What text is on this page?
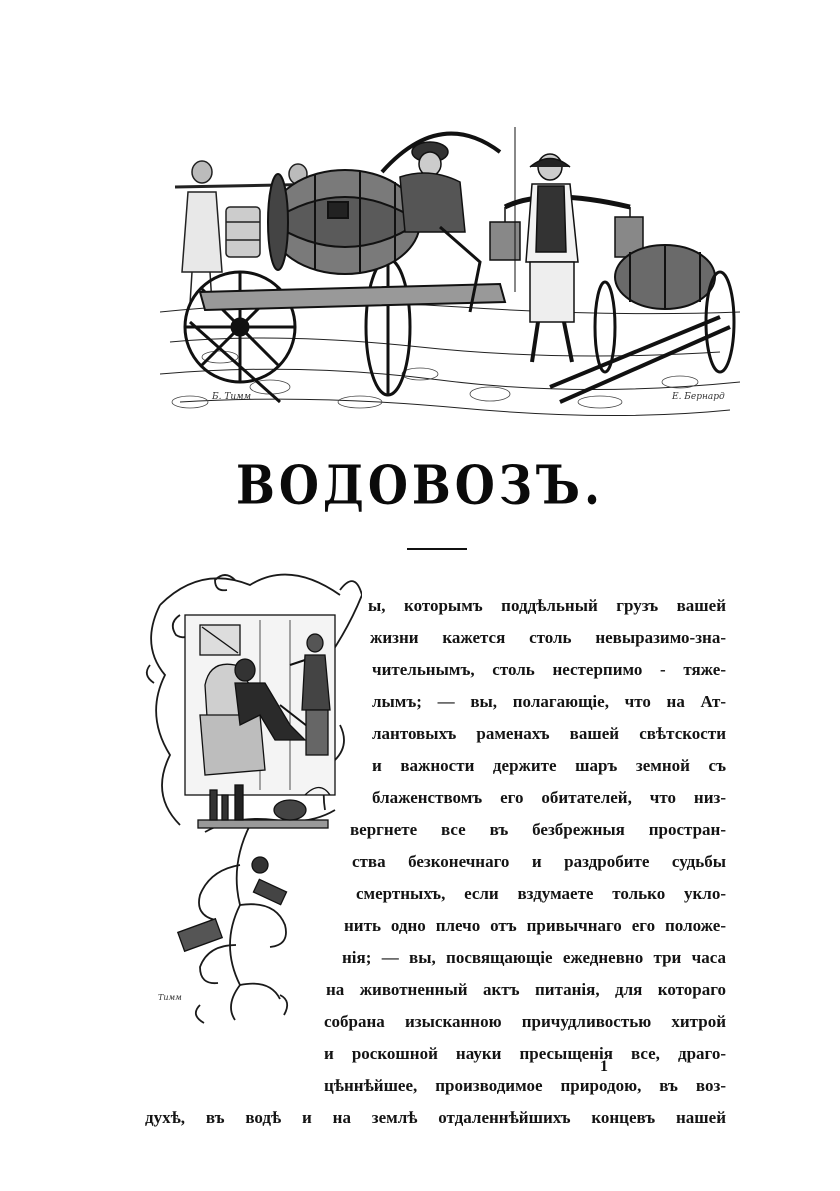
Б. Тимм	Е. Бернард
ВОДОВОЗЪ.
Тимм
ы, которымъ поддѣльный грузъ вашей
жизни кажется столь невыразимо-зна-
чительнымъ, столь нестерпимо - тяже-
лымъ; — вы, полагающіе, что на Ат-
лантовыхъ раменахъ вашей свѣтскости
и важности держите шаръ земной съ
блаженствомъ его обитателей, что низ-
вергнете все въ безбрежныя простран-
ства безконечнаго и раздробите судьбы
смертныхъ, если вздумаете только укло-
нить одно плечо отъ привычнаго его положе-
нія; — вы, посвящающіе ежедневно три часа
на животненный актъ питанія, для котораго
собрана изысканною причудливостью хитрой
и роскошной науки пресыщенія все, драго-
цѣннѣйшее, производимое природою, въ воз-
духѣ, въ водѣ и на землѣ отдаленнѣйшихъ концевъ нашей
1
